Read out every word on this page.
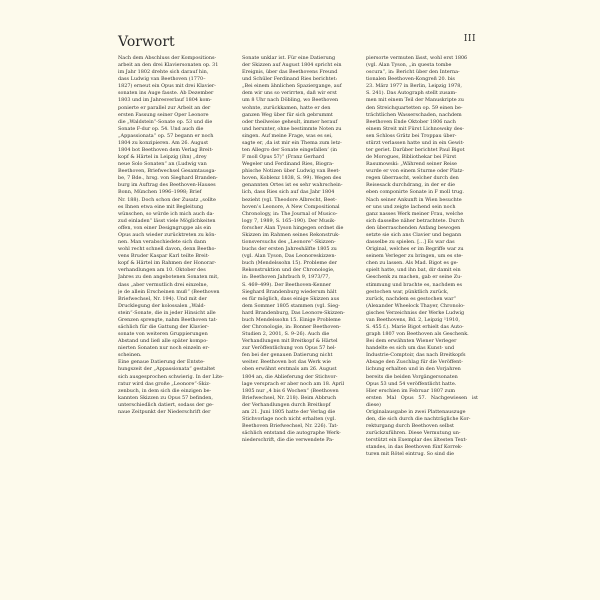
III
Vorwort

Nach dem Abschluss der Kompositions-
arbeit an den drei Klaviersonaten op. 31
im Jahr 1802 drehte sich darauf hin,
dass Ludwig van Beethoven (1770–
1827) erneut ein Opus mit drei Klavier-
sonaten ins Auge fasste. Ab Dezember
1803 und im Jahresverlauf 1804 kom-
ponierte er parallel zur Arbeit an der
ersten Fassung seiner Oper Leonore
die „Waldstein“-Sonate op. 53 und die
Sonate F-dur op. 54. Und auch die
„Appassionata“ op. 57 begann er noch
1804 zu konzipieren. Am 26. August
1804 bot Beethoven dem Verlag Breit-
kopf & Härtel in Leipzig (ihn) „drey
neue Solo Sonaten“ an (Ludwig van
Beethoven, Briefwechsel Gesamtausga-
be, 7 Bde., hrsg. von Sieghard Branden-
burg im Auftrag des Beethoven-Hauses
Bonn, München 1996–1998; Brief
Nr. 188). Doch schon der Zusatz „sollte
es Ihnen etwa eine mit Begleitung
wünschen, so würde ich mich auch da-
zud einladen“ lässt viele Möglichkeiten
offen, von einer Designgruppe als ein
Opus auch wieder zurücktreten zu kön-
nen. Man verabschiedete sich dann
wohl recht schnell davon, denn Beetho-
vens Bruder Kaspar Karl teilte Breit-
kopf & Härtel im Rahmen der Honorar-
verhandlungen am 10. Oktober des
Jahres zu den angebotenen Sonaten mit,
dass „aber vermutlich drei einzelne,
je de allein Erscheinen muß“ (Beethoven
Briefwechsel, Nr. 194). Und mit der
Drucklegung der kolossalen „Wald-
stein“-Sonate, die in jeder Hinsicht alle
Grenzen sprengte, nahm Beethoven tat-
sächlich für die Gattung der Klavier-
sonate von weiteren Gruppierungen
Abstand und ließ alle später kompo-
nierten Sonaten nur noch einzeln er-
scheinen.
Eine genaue Datierung der Entste-
hungszeit der „Appassionata“ gestaltet
sich ausgesprochen schwierig. In der Lite-
ratur wird das große „Leonore“-Skiz-
zenbuch, in dem sich die einzigen be-
kannten Skizzen zu Opus 57 befinden,
unterschiedlich datiert, sodass der ge-
naue Zeitpunkt der Niederschrift der

Sonate unklar ist. Für eine Datierung
der Skizzen auf August 1804 spricht ein
Ereignis, über das Beethovens Freund
und Schüler Ferdinand Ries berichtet:
„Bei einem ähnlichen Spaziergange, auf
dem wir uns so verirrten, daß wir erst
um 8 Uhr nach Döbling, wo Beethoven
wohnte, zurückkamen, hatte er den
ganzen Weg über für sich gebrummt
oder theilweise geheult, immer herauf
und herunter, ohne bestimmte Noten zu
singen. Auf meine Frage, was es sei,
sagte er, ‚da ist mir ein Thema zum letz-
ten Allegro der Sonate eingefallen‘ (in
F moll Opus 57)“ (Franz Gerhard
Wegeler und Ferdinand Ries, Biogra-
phische Notizen über Ludwig van Beet-
hoven, Koblenz 1838, S. 99). Wegen des
genannten Ortes ist es sehr wahrschein-
lich, dass Ries sich auf das Jahr 1804
bezieht (vgl. Theodore Albrecht, Beet-
hoven’s Leonore, A New Compositional
Chronology, in: The Journal of Musico-
logy 7, 1989, S. 165–190). Der Musik-
forscher Alan Tyson hingegen ordnet die
Skizzen im Rahmen seines Rekonstruk-
tionsversuchs des „Leonore“-Skizzen-
buchs der ersten Jahreshälfte 1805 zu
(vgl. Alan Tyson, Das Leonoreskizzen-
buch (Mendelssohn 15). Probleme der
Rekonstruktion und der Chronologie,
in: Beethoven Jahrbuch 9, 1973/77,
S. 469–499). Der Beethoven-Kenner
Sieghard Brandenburg wiederum hält
es für möglich, dass einige Skizzen aus
dem Sommer 1805 stammen (vgl. Sieg-
hard Brandenburg, Das Leonore-Skizzen-
buch Mendelssohn 15. Einige Probleme
der Chronologie, in: Bonner Beethoven-
Studien 2, 2001, S. 9–26). Auch die
Verhandlungen mit Breitkopf & Härtel
zur Veröffentlichung von Opus 57 hel-
fen bei der genauen Datierung nicht
weiter. Beethoven bot das Werk wie
oben erwähnt erstmals am 26. August
1804 an, die Ablieferung der Stichvor-
lage versprach er aber noch am 18. April
1805 nur „4 bis 6 Wochen“ (Beethoven
Briefwechsel, Nr. 218). Beim Abbruch
der Verhandlungen durch Breitkopf
am 21. Juni 1805 hatte der Verlag die
Stichvorlage noch nicht erhalten (vgl.
Beethoven Briefwechsel, Nr. 226). Tat-
sächlich entstand die autographe Werk-
niederschrift, die die verwendete Pa-

piersorte vermuten lässt, wohl erst 1806
(vgl. Alan Tyson, „in questa tombe
oscura“, in: Bericht über den Interna-
tionalen Beethoven-Kongreß 20. bis
23. März 1977 in Berlin, Leipzig 1978,
S. 241). Das Autograph stellt zusam-
men mit einem Teil der Manuskripte zu
den Streichquartetten op. 59 einen be-
trächtlichen Wasserschaden, nachdem
Beethoven Ende Oktober 1806 nach
einem Streit mit Fürst Lichnowsky des-
sen Schloss Grätz bei Troppau über-
stürzt verlassen hatte und in ein Gewit-
ter geriet. Darüber berichtet Paul Bigot
de Morogues, Bibliothekar bei Fürst
Rasumowski: „Während seiner Reise
wurde er von einem Sturme oder Platz-
regen überrascht, welcher durch den
Reisesack durchdrang, in der er die
eben componirte Sonate in F moll trug.
Nach seiner Ankunft in Wien besuchte
er uns und zeigte lachend sein noch
ganz nasses Werk meiner Frau, welche
sich dasselbe näher betrachtete. Durch
den überraschenden Anfang bewogen
setzte sie sich ans Clavier und begann
dasselbe zu spielen. […] Es war das
Original, welches er im Begriffe war zu
seinem Verleger zu bringen, um es ste-
chen zu lassen. Als Mad. Bigot es ge-
spielt hatte, und ihn bat, dir damit ein
Geschenk zu machen, gab er seine Zu-
stimmung und brachte es, nachdem es
gestochen war, pünktlich zurück,
zurück, nachdem es gestochen war“
(Alexander Wheelock Thayer, Chronolo-
gisches Verzeichniss der Werke Ludwig
van Beethovens, Bd. 2, Leipzig ¹1910,
S. 455 f.). Marie Bigot erhielt das Auto-
graph 1807 von Beethoven als Geschenk.
Bei dem erwähnten Wiener Verleger
handelte es sich um das Kunst- und
Industrie-Comptoir, das nach Breitkopfs
Absage den Zuschlag für die Veröffent-
lichung erhalten und in den Vorjahren
bereits die beiden Vorgängersonaten
Opus 53 und 54 veröffentlicht hatte.
Hier erschien im Februar 1807 zum
ersten Mal Opus 57. Nachgewiesen ist diese)
Originalausgabe in zwei Plattenauszuge
den, die sich durch die nachträgliche Kor-
rekturgang durch Beethoven selbst
zurückzuführen. Diese Vermutung un-
terstützt ein Exemplar des ältesten Text-
standes, in das Beethoven fünf Korrek-
turen mit Rötel eintrug. So sind die
